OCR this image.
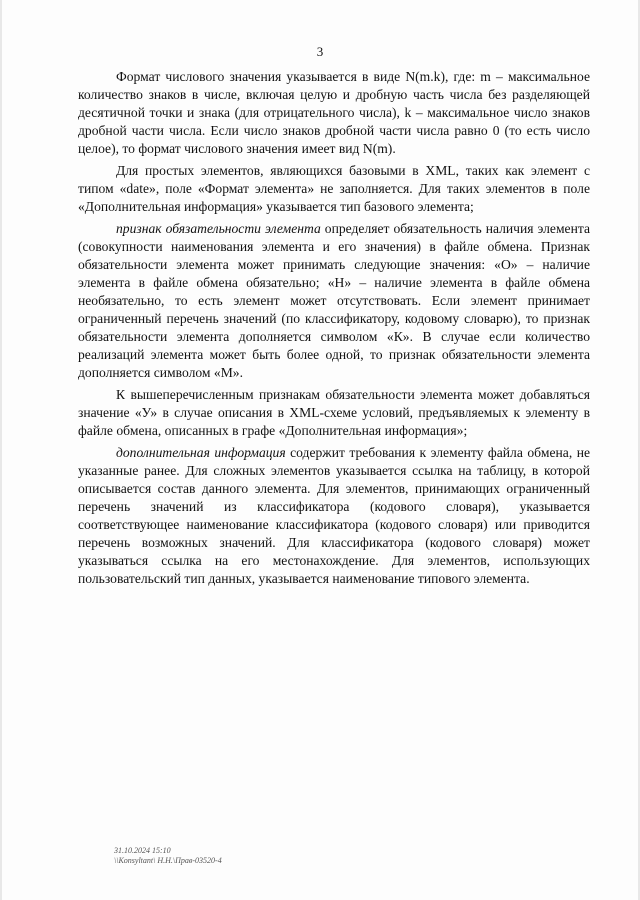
3

Формат числового значения указывается в виде N(m.k), где: m – максимальное количество знаков в числе, включая целую и дробную часть числа без разделяющей десятичной точки и знака (для отрицательного числа), k – максимальное число знаков дробной части числа. Если число знаков дробной части числа равно 0 (то есть число целое), то формат числового значения имеет вид N(m).

Для простых элементов, являющихся базовыми в XML, таких как элемент с типом «date», поле «Формат элемента» не заполняется. Для таких элементов в поле «Дополнительная информация» указывается тип базового элемента;

признак обязательности элемента определяет обязательность наличия элемента (совокупности наименования элемента и его значения) в файле обмена. Признак обязательности элемента может принимать следующие значения: «О» – наличие элемента в файле обмена обязательно; «Н» – наличие элемента в файле обмена необязательно, то есть элемент может отсутствовать. Если элемент принимает ограниченный перечень значений (по классификатору, кодовому словарю), то признак обязательности элемента дополняется символом «К». В случае если количество реализаций элемента может быть более одной, то признак обязательности элемента дополняется символом «М».

К вышеперечисленным признакам обязательности элемента может добавляться значение «У» в случае описания в XML-схеме условий, предъявляемых к элементу в файле обмена, описанных в графе «Дополнительная информация»;

дополнительная информация содержит требования к элементу файла обмена, не указанные ранее. Для сложных элементов указывается ссылка на таблицу, в которой описывается состав данного элемента. Для элементов, принимающих ограниченный перечень значений из классификатора (кодового словаря), указывается соответствующее наименование классификатора (кодового словаря) или приводится перечень возможных значений. Для классификатора (кодового словаря) может указываться ссылка на его местонахождение. Для элементов, использующих пользовательский тип данных, указывается наименование типового элемента.

31.10.2024 15:10
\\Konsyltant\ Н.Н.\Прав-03520-4
